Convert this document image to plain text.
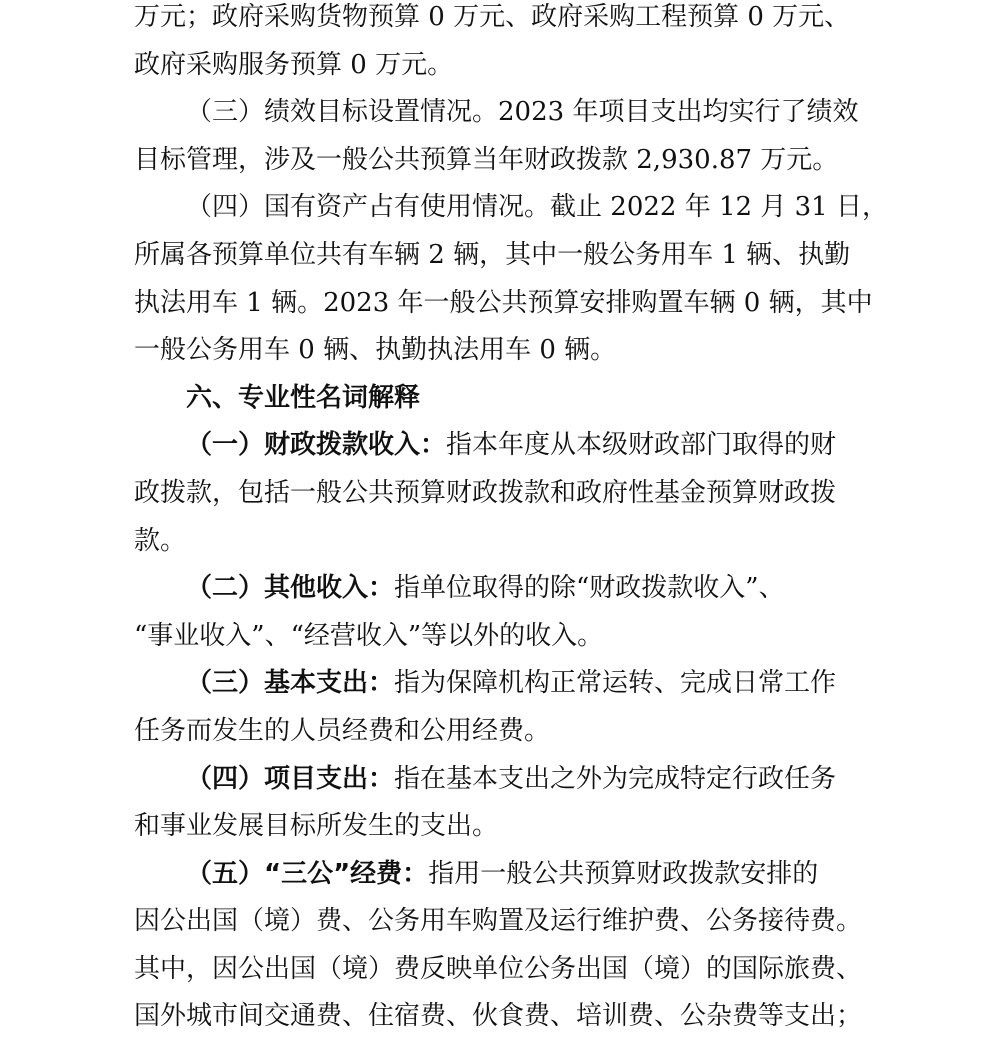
万元；政府采购货物预算 0 万元、政府采购工程预算 0 万元、

政府采购服务预算 0 万元。

（三）绩效目标设置情况。2023 年项目支出均实行了绩效

目标管理，涉及一般公共预算当年财政拨款 2,930.87 万元。

（四）国有资产占有使用情况。截止 2022 年 12 月 31 日，

所属各预算单位共有车辆 2 辆，其中一般公务用车 1 辆、执勤

执法用车 1 辆。2023 年一般公共预算安排购置车辆 0 辆，其中

一般公务用车 0 辆、执勤执法用车 0 辆。

六、专业性名词解释

（一）财政拨款收入：指本年度从本级财政部门取得的财

政拨款，包括一般公共预算财政拨款和政府性基金预算财政拨

款。

（二）其他收入：指单位取得的除“财政拨款收入”、

“事业收入”、“经营收入”等以外的收入。

（三）基本支出：指为保障机构正常运转、完成日常工作

任务而发生的人员经费和公用经费。

（四）项目支出：指在基本支出之外为完成特定行政任务

和事业发展目标所发生的支出。

（五）“三公”经费：指用一般公共预算财政拨款安排的

因公出国（境）费、公务用车购置及运行维护费、公务接待费。

其中，因公出国（境）费反映单位公务出国（境）的国际旅费、

国外城市间交通费、住宿费、伙食费、培训费、公杂费等支出；
